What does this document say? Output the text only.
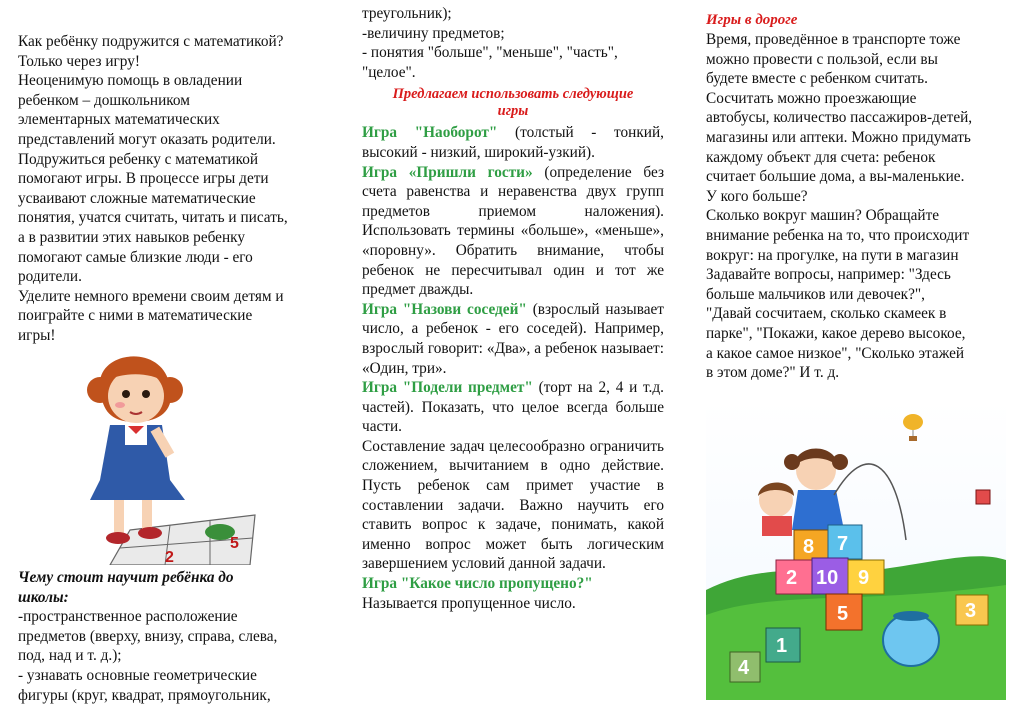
Как ребёнку подружится с математикой?

Только через игру!

Неоценимую помощь в овладении

ребенком – дошкольником

элементарных математических

представлений могут оказать родители.

Подружиться ребенку с математикой

помогают игры. В процессе игры дети

усваивают сложные математические

понятия, учатся считать, читать и писать,

а в развитии этих навыков ребенку

помогают самые близкие люди - его

родители.

Уделите немного времени своим детям и

поиграйте с ними в математические

игры!

5
2

Чему стоит научит ребёнка до

школы:

-пространственное расположение

предметов (вверху, внизу, справа, слева,

под, над и т. д.);

- узнавать основные геометрические

фигуры (круг, квадрат, прямоугольник,

треугольник);

-величину предметов;

- понятия "больше", "меньше", "часть",

"целое".

Предлагаем использовать следующие

игры

Игра "Наоборот" (толстый - тонкий, высокий - низкий, широкий-узкий).

Игра «Пришли гости» (определение без счета равенства и неравенства двух групп предметов приемом наложения). Использовать термины «больше», «меньше», «поровну». Обратить внимание, чтобы ребенок не пересчитывал один и тот же предмет дважды.

Игра "Назови соседей" (взрослый называет число, а ребенок - его соседей). Например, взрослый говорит: «Два», а ребенок называет: «Один, три».

Игра "Подели предмет" (торт на 2, 4 и т.д. частей). Показать, что целое всегда больше части.

Составление задач целесообразно ограничить сложением, вычитанием в одно действие. Пусть ребенок сам примет участие в составлении задачи. Важно научить его ставить вопрос к задаче, понимать, какой именно вопрос может быть логическим завершением условий данной задачи.

Игра "Какое число пропущено?"
Называется пропущенное число.

Игры в дороге

Время, проведённое в транспорте тоже

можно провести с пользой, если вы

будете вместе с ребенком считать.

Сосчитать можно проезжающие

автобусы, количество пассажиров-детей,

магазины или аптеки. Можно придумать

каждому объект для счета: ребенок

считает большие дома, а вы-маленькие.

У кого больше?

Сколько вокруг машин? Обращайте

внимание ребенка на то, что происходит

вокруг: на прогулке, на пути в магазин

Задавайте вопросы, например: "Здесь

больше мальчиков или девочек?",

"Давай сосчитаем, сколько скамеек в

парке", "Покажи, какое дерево высокое,

а какое самое низкое", "Сколько этажей

в этом доме?" И т. д.

8 7
2 10 9
5
1
4
3
